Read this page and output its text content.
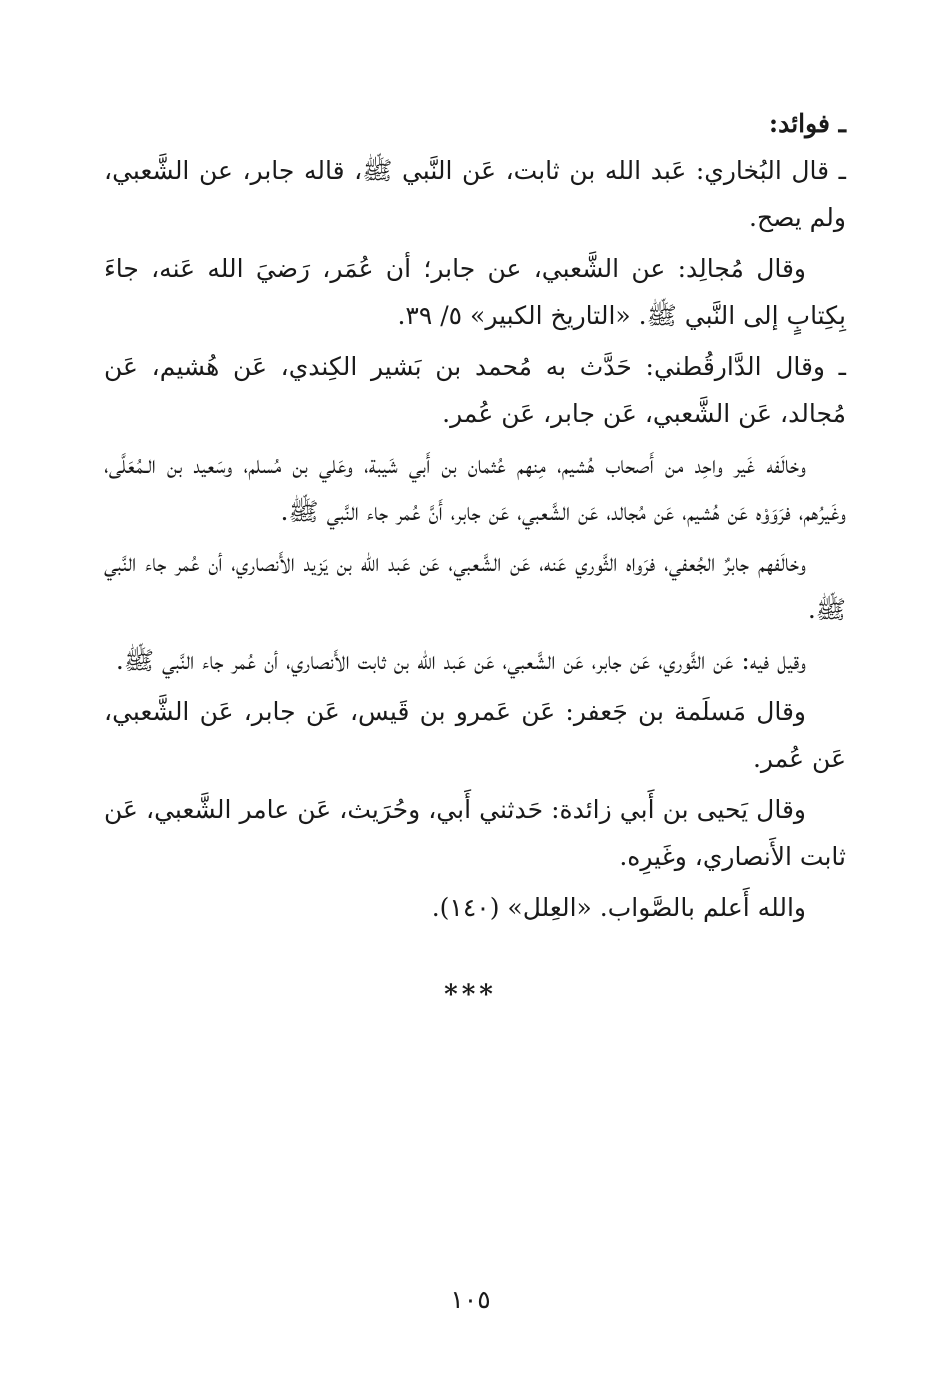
ـ فوائد:

ـ قال البُخاري: عَبد الله بن ثابت، عَن النَّبي ﷺ، قاله جابر، عن الشَّعبي، ولم يصح.

وقال مُجالِد: عن الشَّعبي، عن جابر؛ أن عُمَر، رَضيَ الله عَنه، جاءَ بِكِتابٍ إلى النَّبي ﷺ. «التاريخ الكبير» ٥/ ٣٩.

ـ وقال الدَّارقُطني: حَدَّث به مُحمد بن بَشير الكِندي، عَن هُشيم، عَن مُجالد، عَن الشَّعبي، عَن جابر، عَن عُمر.

وخالَفه غَير واحِد من أَصحاب هُشيم، مِنهم عُثمان بن أَبي شَيبة، وعَلي بن مُسلم، وسَعيد بن الـمُعَلَّى، وغَيرُهم، فرَوَوْه عَن هُشيم، عَن مُجالد، عَن الشَّعبي، عَن جابر، أَنَّ عُمر جاء النَّبي ﷺ.

وخالَفهم جابرٌ الجُعفي، فرَواه الثَّوري عَنه، عَن الشَّعبي، عَن عَبد الله بن يَزيد الأَنصاري، أن عُمر جاء النَّبي ﷺ.

وقيل فيه: عَن الثَّوري، عَن جابر، عَن الشَّعبي، عَن عَبد الله بن ثابت الأَنصاري، أن عُمر جاء النَّبي ﷺ.

وقال مَسلَمة بن جَعفر: عَن عَمرو بن قَيس، عَن جابر، عَن الشَّعبي، عَن عُمر.

وقال يَحيى بن أَبي زائدة: حَدثني أَبي، وحُرَيث، عَن عامر الشَّعبي، عَن ثابت الأَنصاري، وغَيرِه.

والله أَعلم بالصَّواب. «العِلل» (١٤٠).

***
١٠٥
